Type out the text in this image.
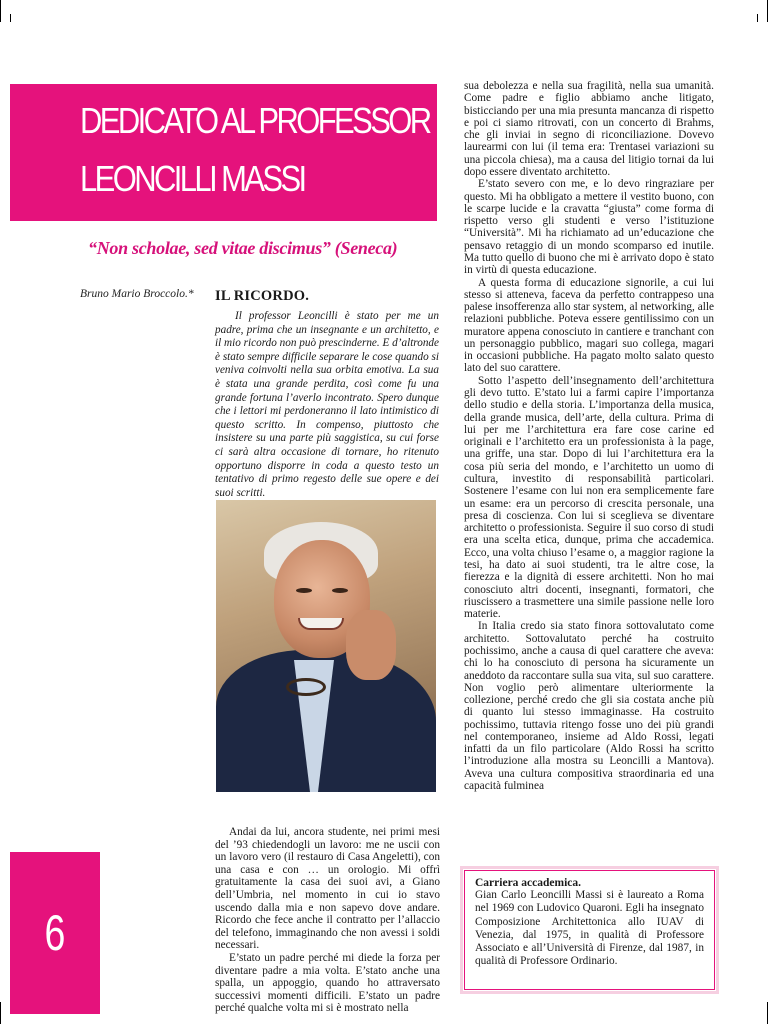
DEDICATO AL PROFESSOR
LEONCILLI MASSI
“Non scholae, sed vitae discimus” (Seneca)
Bruno Mario Broccolo.* IL RICORDO.

Il professor Leoncilli è stato per me un padre, prima che un insegnante e un architetto, e il mio ricordo non può prescinderne. E d’altronde è stato sempre difficile separare le cose quando si veniva coinvolti nella sua orbita emotiva. La sua è stata una grande perdita, così come fu una grande fortuna l’averlo incontrato. Spero dunque che i lettori mi perdoneranno il lato intimistico di questo scritto. In compenso, piuttosto che insistere su una parte più saggistica, su cui forse ci sarà altra occasione di tornare, ho ritenuto opportuno disporre in coda a questo testo un tentativo di primo regesto delle sue opere e dei suoi scritti.

6

Andai da lui, ancora studente, nei primi mesi del ’93 chiedendogli un lavoro: me ne uscii con un lavoro vero (il restauro di Casa Angeletti), con una casa e con … un orologio. Mi offrì gratuitamente la casa dei suoi avi, a Giano dell’Umbria, nel momento in cui io stavo uscendo dalla mia e non sapevo dove andare. Ricordo che fece anche il contratto per l’allaccio del telefono, immaginando che non avessi i soldi necessari.

E’stato un padre perché mi diede la forza per diventare padre a mia volta. E’stato anche una spalla, un appoggio, quando ho attraversato successivi momenti difficili. E’stato un padre perché qualche volta mi si è mostrato nella

sua debolezza e nella sua fragilità, nella sua umanità. Come padre e figlio abbiamo anche litigato, bisticciando per una mia presunta mancanza di rispetto e poi ci siamo ritrovati, con un concerto di Brahms, che gli inviai in segno di riconciliazione. Dovevo laurearmi con lui (il tema era: Trentasei variazioni su una piccola chiesa), ma a causa del litigio tornai da lui dopo essere diventato architetto.

E’stato severo con me, e lo devo ringraziare per questo. Mi ha obbligato a mettere il vestito buono, con le scarpe lucide e la cravatta “giusta” come forma di rispetto verso gli studenti e verso l’istituzione “Università”. Mi ha richiamato ad un’educazione che pensavo retaggio di un mondo scomparso ed inutile. Ma tutto quello di buono che mi è arrivato dopo è stato in virtù di questa educazione.

A questa forma di educazione signorile, a cui lui stesso si atteneva, faceva da perfetto contrappeso una palese insofferenza allo star system, al networking, alle relazioni pubbliche. Poteva essere gentilissimo con un muratore appena conosciuto in cantiere e tranchant con un personaggio pubblico, magari suo collega, magari in occasioni pubbliche. Ha pagato molto salato questo lato del suo carattere.

Sotto l’aspetto dell’insegnamento dell’architettura gli devo tutto. E’stato lui a farmi capire l’importanza dello studio e della storia. L’importanza della musica, della grande musica, dell’arte, della cultura. Prima di lui per me l’architettura era fare cose carine ed originali e l’architetto era un professionista à la page, una griffe, una star. Dopo di lui l’architettura era la cosa più seria del mondo, e l’architetto un uomo di cultura, investito di responsabilità particolari. Sostenere l’esame con lui non era semplicemente fare un esame: era un percorso di crescita personale, una presa di coscienza. Con lui si sceglieva se diventare architetto o professionista. Seguire il suo corso di studi era una scelta etica, dunque, prima che accademica. Ecco, una volta chiuso l’esame o, a maggior ragione la tesi, ha dato ai suoi studenti, tra le altre cose, la fierezza e la dignità di essere architetti. Non ho mai conosciuto altri docenti, insegnanti, formatori, che riuscissero a trasmettere una simile passione nelle loro materie.

In Italia credo sia stato finora sottovalutato come architetto. Sottovalutato perché ha costruito pochissimo, anche a causa di quel carattere che aveva: chi lo ha conosciuto di persona ha sicuramente un aneddoto da raccontare sulla sua vita, sul suo carattere. Non voglio però alimentare ulteriormente la collezione, perché credo che gli sia costata anche più di quanto lui stesso immaginasse. Ha costruito pochissimo, tuttavia ritengo fosse uno dei più grandi nel contemporaneo, insieme ad Aldo Rossi, legati infatti da un filo particolare (Aldo Rossi ha scritto l’introduzione alla mostra su Leoncilli a Mantova). Aveva una cultura compositiva straordinaria ed una capacità fulminea

Carriera accademica.
Gian Carlo Leoncilli Massi si è laureato a Roma nel 1969 con Ludovico Quaroni. Egli ha insegnato Composizione Architettonica allo IUAV di Venezia, dal 1975, in qualità di Professore Associato e all’Università di Firenze, dal 1987, in qualità di Professore Ordinario.
